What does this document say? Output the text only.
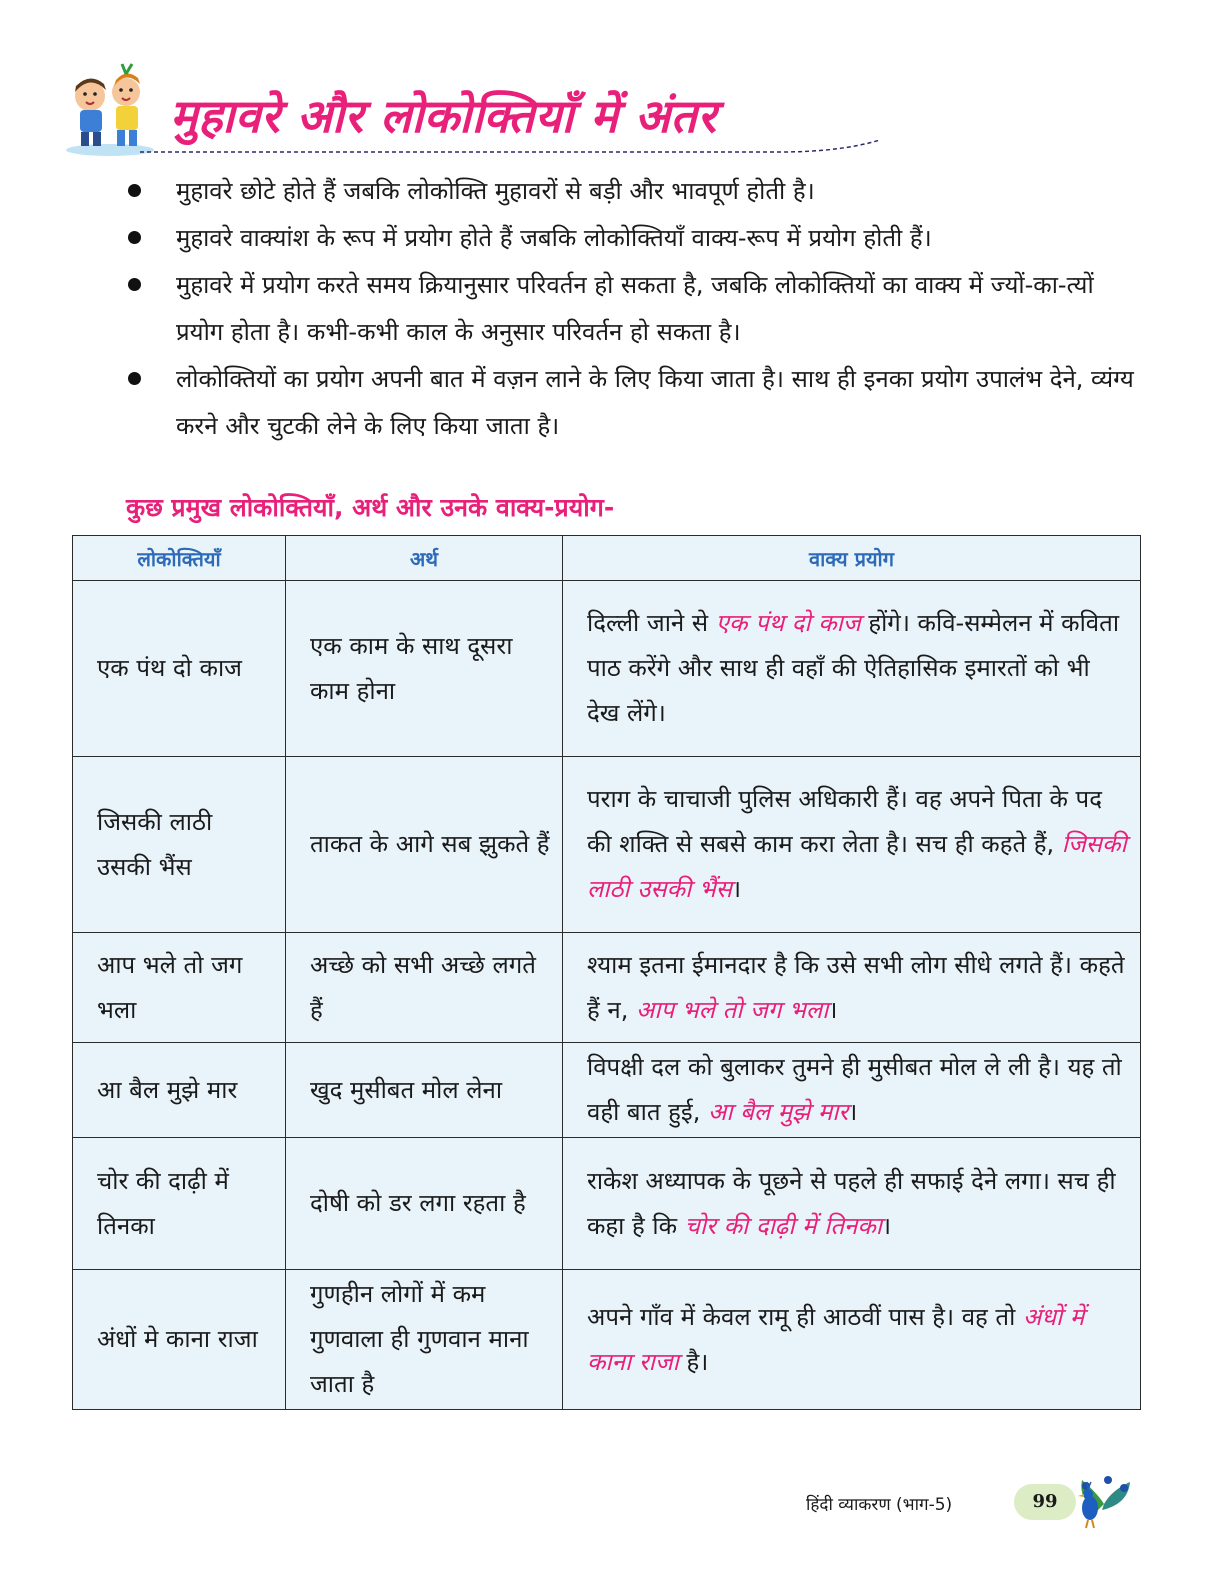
मुहावरे और लोकोक्तियाँ में अंतर
मुहावरे छोटे होते हैं जबकि लोकोक्ति मुहावरों से बड़ी और भावपूर्ण होती है।
मुहावरे वाक्यांश के रूप में प्रयोग होते हैं जबकि लोकोक्तियाँ वाक्य-रूप में प्रयोग होती हैं।
मुहावरे में प्रयोग करते समय क्रियानुसार परिवर्तन हो सकता है, जबकि लोकोक्तियों का वाक्य में ज्यों-का-त्यों प्रयोग होता है। कभी-कभी काल के अनुसार परिवर्तन हो सकता है।
लोकोक्तियों का प्रयोग अपनी बात में वज़न लाने के लिए किया जाता है। साथ ही इनका प्रयोग उपालंभ देने, व्यंग्य करने और चुटकी लेने के लिए किया जाता है।
कुछ प्रमुख लोकोक्तियाँ, अर्थ और उनके वाक्य-प्रयोग-
लोकोक्तियाँ	अर्थ	वाक्य प्रयोग
एक पंथ दो काज	एक काम के साथ दूसरा काम होना	दिल्ली जाने से एक पंथ दो काज होंगे। कवि-सम्मेलन में कविता पाठ करेंगे और साथ ही वहाँ की ऐतिहासिक इमारतों को भी देख लेंगे।
जिसकी लाठी उसकी भैंस	ताकत के आगे सब झुकते हैं	पराग के चाचाजी पुलिस अधिकारी हैं। वह अपने पिता के पद की शक्ति से सबसे काम करा लेता है। सच ही कहते हैं, जिसकी लाठी उसकी भैंस।
आप भले तो जग भला	अच्छे को सभी अच्छे लगते हैं	श्याम इतना ईमानदार है कि उसे सभी लोग सीधे लगते हैं। कहते हैं न, आप भले तो जग भला।
आ बैल मुझे मार	खुद मुसीबत मोल लेना	विपक्षी दल को बुलाकर तुमने ही मुसीबत मोल ले ली है। यह तो वही बात हुई, आ बैल मुझे मार।
चोर की दाढ़ी में तिनका	दोषी को डर लगा रहता है	राकेश अध्यापक के पूछने से पहले ही सफाई देने लगा। सच ही कहा है कि चोर की दाढ़ी में तिनका।
अंधों मे काना राजा	गुणहीन लोगों में कम गुणवाला ही गुणवान माना जाता है	अपने गाँव में केवल रामू ही आठवीं पास है। वह तो अंधों में काना राजा है।
हिंदी व्याकरण (भाग-5)	99
